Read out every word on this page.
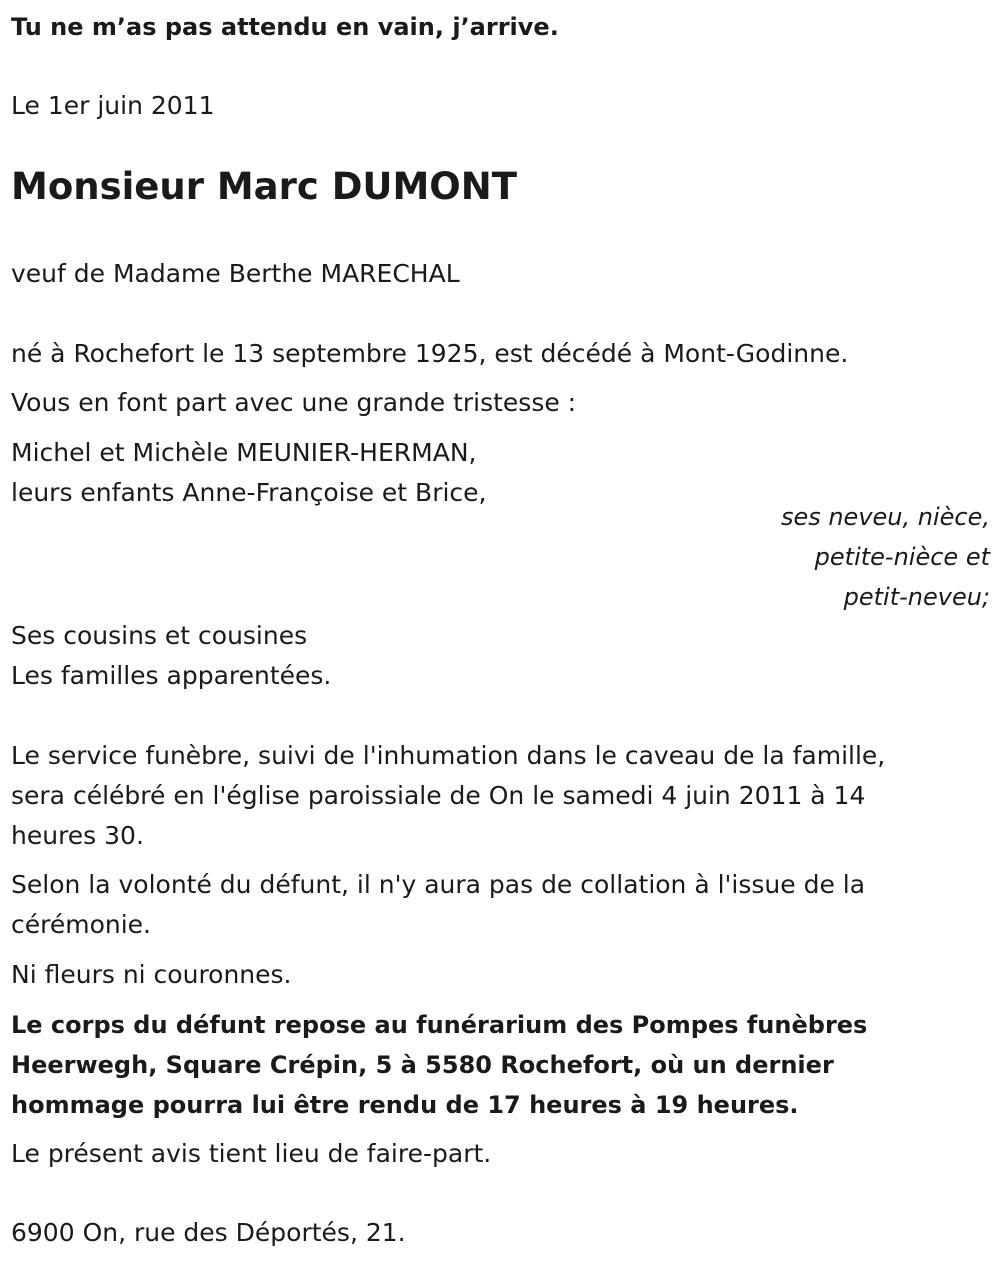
Tu ne m’as pas attendu en vain, j’arrive.

Le 1er juin 2011

Monsieur Marc DUMONT

veuf de Madame Berthe MARECHAL

né à Rochefort le 13 septembre 1925, est décédé à Mont-Godinne.

Vous en font part avec une grande tristesse :

Michel et Michèle MEUNIER-HERMAN,

leurs enfants Anne-Françoise et Brice,

ses neveu, nièce,

petite-nièce et

petit-neveu;

Ses cousins et cousines

Les familles apparentées.

Le service funèbre, suivi de l'inhumation dans le caveau de la famille,

sera célébré en l'église paroissiale de On le samedi 4 juin 2011 à 14

heures 30.

Selon la volonté du défunt, il n'y aura pas de collation à l'issue de la

cérémonie.

Ni fleurs ni couronnes.

Le corps du défunt repose au funérarium des Pompes funèbres

Heerwegh, Square Crépin, 5 à 5580 Rochefort, où un dernier

hommage pourra lui être rendu de 17 heures à 19 heures.

Le présent avis tient lieu de faire-part.

6900 On, rue des Déportés, 21.
